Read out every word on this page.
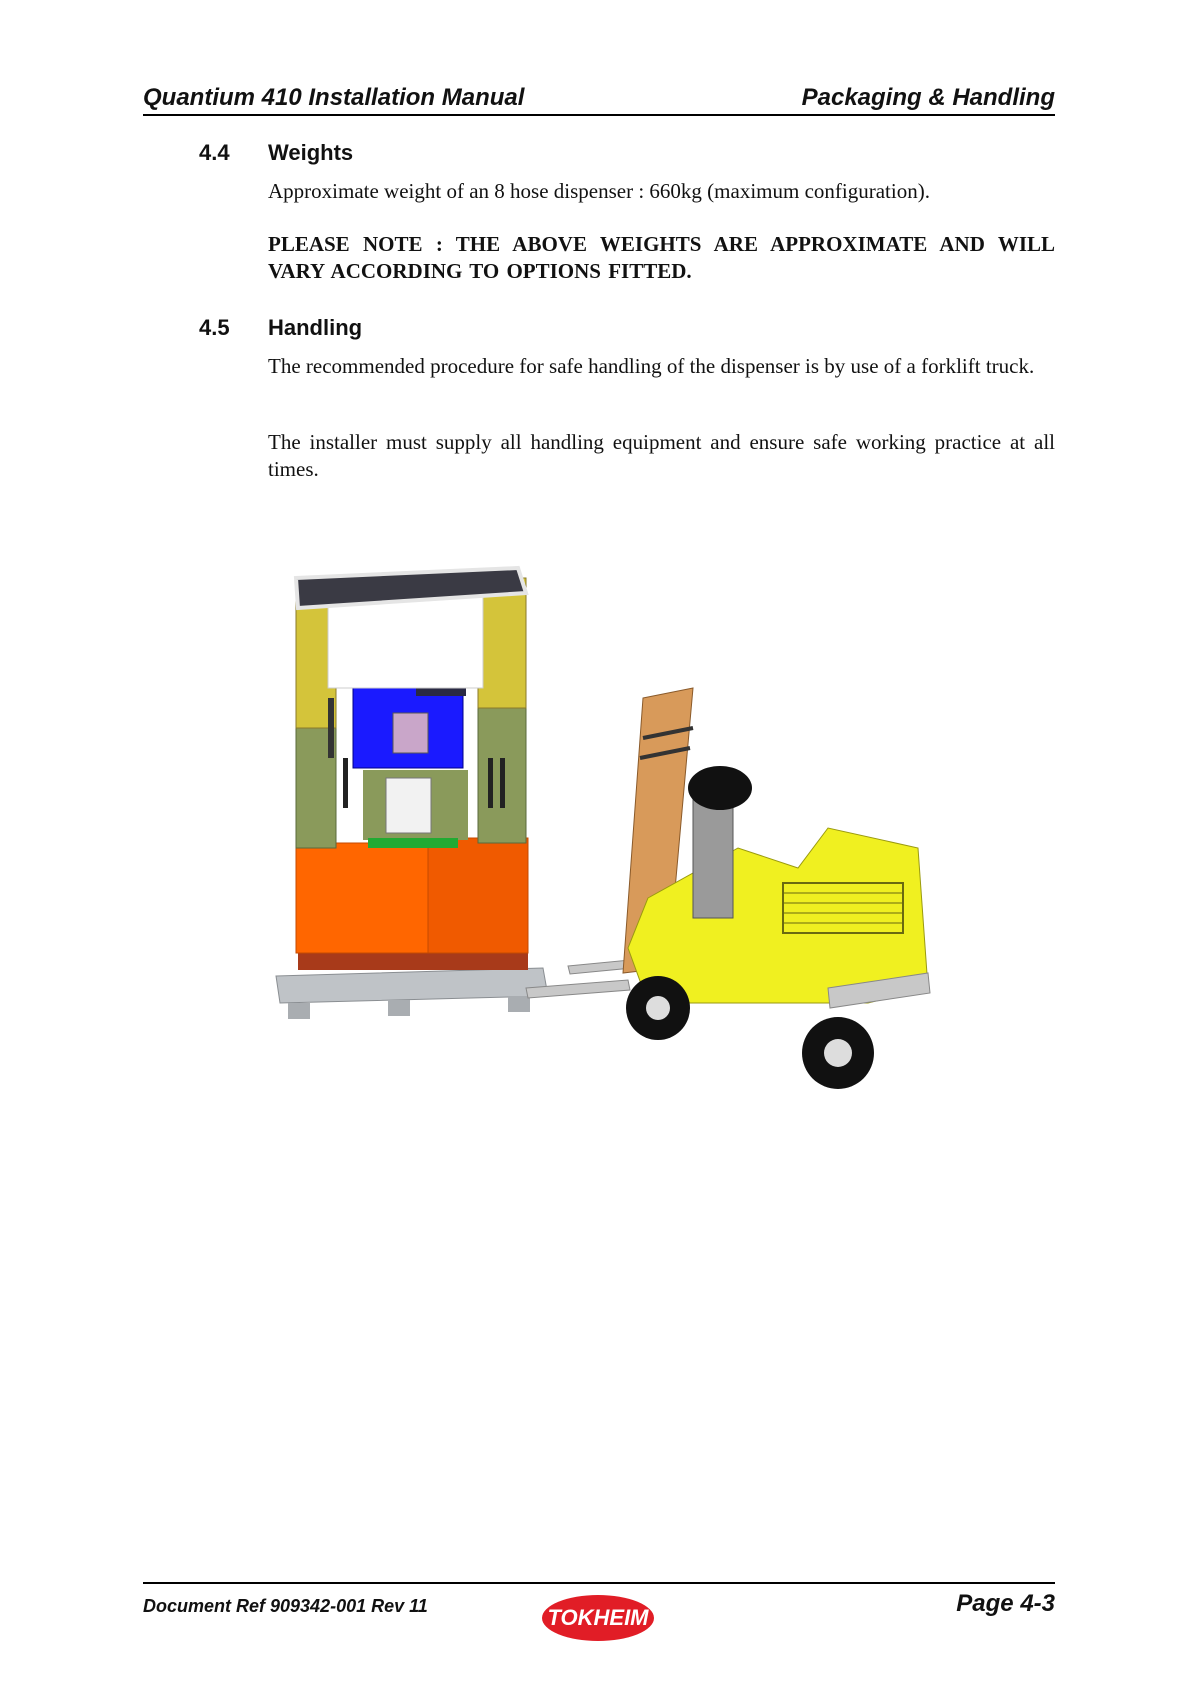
Quantium 410 Installation Manual	Packaging & Handling
4.4 Weights
Approximate weight of an 8 hose dispenser : 660kg (maximum configuration).
PLEASE NOTE : THE ABOVE WEIGHTS ARE APPROXIMATE AND WILL VARY ACCORDING TO OPTIONS FITTED.
4.5 Handling
The recommended procedure for safe handling of the dispenser is by use of a forklift truck.
The installer must supply all handling equipment and ensure safe working practice at all times.
Document Ref 909342-001 Rev 11	TOKHEIM
Page 4-3
